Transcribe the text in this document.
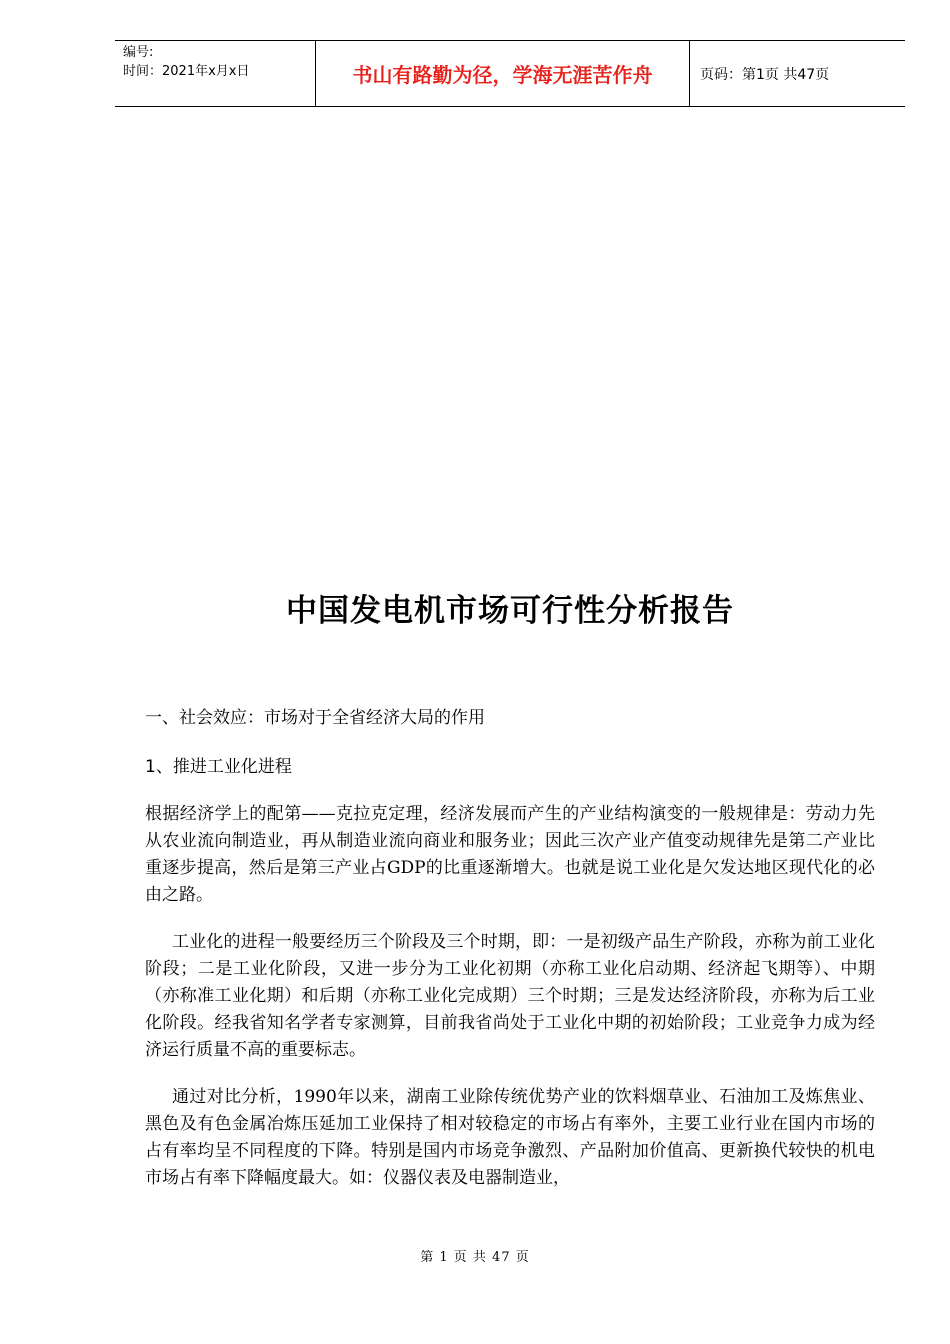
编号:
时间：2021年x月x日	书山有路勤为径，学海无涯苦作舟	页码：第1页 共47页
中国发电机市场可行性分析报告

一、社会效应：市场对于全省经济大局的作用

1、推进工业化进程

根据经济学上的配第——克拉克定理，经济发展而产生的产业结构演变的一般规律是：劳动力先从农业流向制造业，再从制造业流向商业和服务业；因此三次产业产值变动规律先是第二产业比重逐步提高，然后是第三产业占GDP的比重逐渐增大。也就是说工业化是欠发达地区现代化的必由之路。

工业化的进程一般要经历三个阶段及三个时期，即：一是初级产品生产阶段，亦称为前工业化阶段；二是工业化阶段，又进一步分为工业化初期（亦称工业化启动期、经济起飞期等）、中期（亦称准工业化期）和后期（亦称工业化完成期）三个时期；三是发达经济阶段，亦称为后工业化阶段。经我省知名学者专家测算，目前我省尚处于工业化中期的初始阶段；工业竞争力成为经济运行质量不高的重要标志。

通过对比分析，1990年以来，湖南工业除传统优势产业的饮料烟草业、石油加工及炼焦业、黑色及有色金属冶炼压延加工业保持了相对较稳定的市场占有率外，主要工业行业在国内市场的占有率均呈不同程度的下降。特别是国内市场竞争激烈、产品附加价值高、更新换代较快的机电市场占有率下降幅度最大。如：仪器仪表及电器制造业，

第 1 页 共 47 页
